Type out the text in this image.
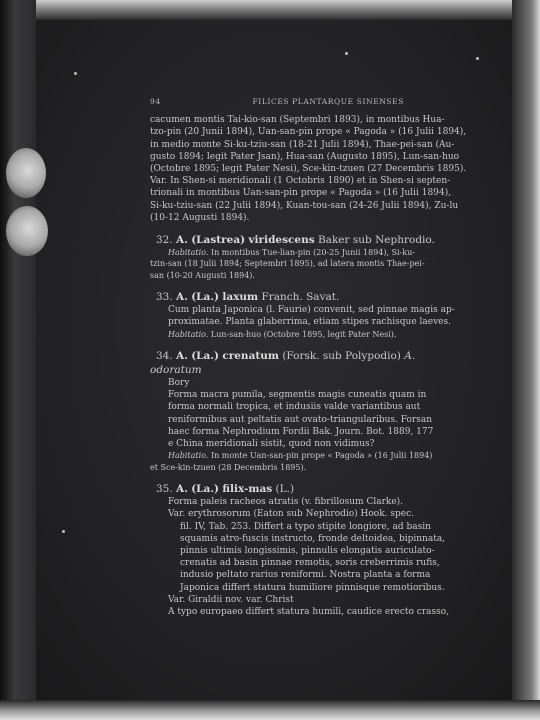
94	FILICES PLANTARQUE SINENSES

cacumen montis Tai-kio-san (Septembri 1893), in montibus Hua-

tzo-pin (20 Junii 1894), Uan-san-pin prope « Pagoda » (16 Julii 1894),

in medio monte Si-ku-tziu-san (18-21 Julii 1894), Thae-pei-san (Au-

gusto 1894; legit Pater Jsan), Hua-san (Augusto 1895), Lun-san-huo

(Octobre 1895; legit Pater Nesi), Sce-kin-tzuen (27 Decembris 1895).

Var. In Shen-si meridionali (1 Octobris 1890) et in Shen-si septen-

trionali in montibus Uan-san-pin prope « Pagoda » (16 Julii 1894),

Si-ku-tziu-san (22 Julii 1894), Kuan-tou-san (24-26 Julii 1894), Zu-lu

(10-12 Augusti 1894).

32. A. (Lastrea) viridescens Baker sub Nephrodio.
Habitatio. In montibus Tue-lian-pin (20-25 Junii 1894), Si-ku-
tzin-san (18 Julii 1894; Septembri 1895), ad latera montis Thae-pei-
san (10-20 Augusti 1894).
33. A. (La.) laxum Franch. Savat.

Cum planta Japonica (l. Faurie) convenit, sed pinnae magis ap-

proximatae. Planta glaberrima, etiam stipes rachisque laeves.

Habitatio. Lun-san-huo (Octobre 1895, legit Pater Nesi).
34. A. (La.) crenatum (Forsk. sub Polypodio) A. odoratum
Bory

Forma macra pumila, segmentis magis cuneatis quam in

forma normali tropica, et indusiis valde variantibus aut

reniformibus aut peltatis aut ovato-triangularibus. Forsan

haec forma Nephrodium Fordii Bak. Journ. Bot. 1889, 177

e China meridionali sistit, quod non vidimus?

Habitatio. In monte Uan-san-pin prope « Pagoda » (16 Julii 1894)
et Sce-kin-tzuen (28 Decembris 1895).
35. A. (La.) filix-mas (L.)

Forma paleis racheos atratis (v. fibrillosum Clarke).

Var. erythrosorum (Eaton sub Nephrodio) Hook. spec.

fil. IV, Tab. 253. Differt a typo stipite longiore, ad basin

squamis atro-fuscis instructo, fronde deltoidea, bipinnata,

pinnis ultimis longissimis, pinnulis elongatis auriculato-

crenatis ad basin pinnae remotis, soris creberrimis rufis,

indusio peltato rarius reniformi. Nostra planta a forma

Japonica differt statura humiliore pinnisque remotioribus.

Var. Giraldii nov. var. Christ

A typo europaeo differt statura humili, caudice erecto crasso,
